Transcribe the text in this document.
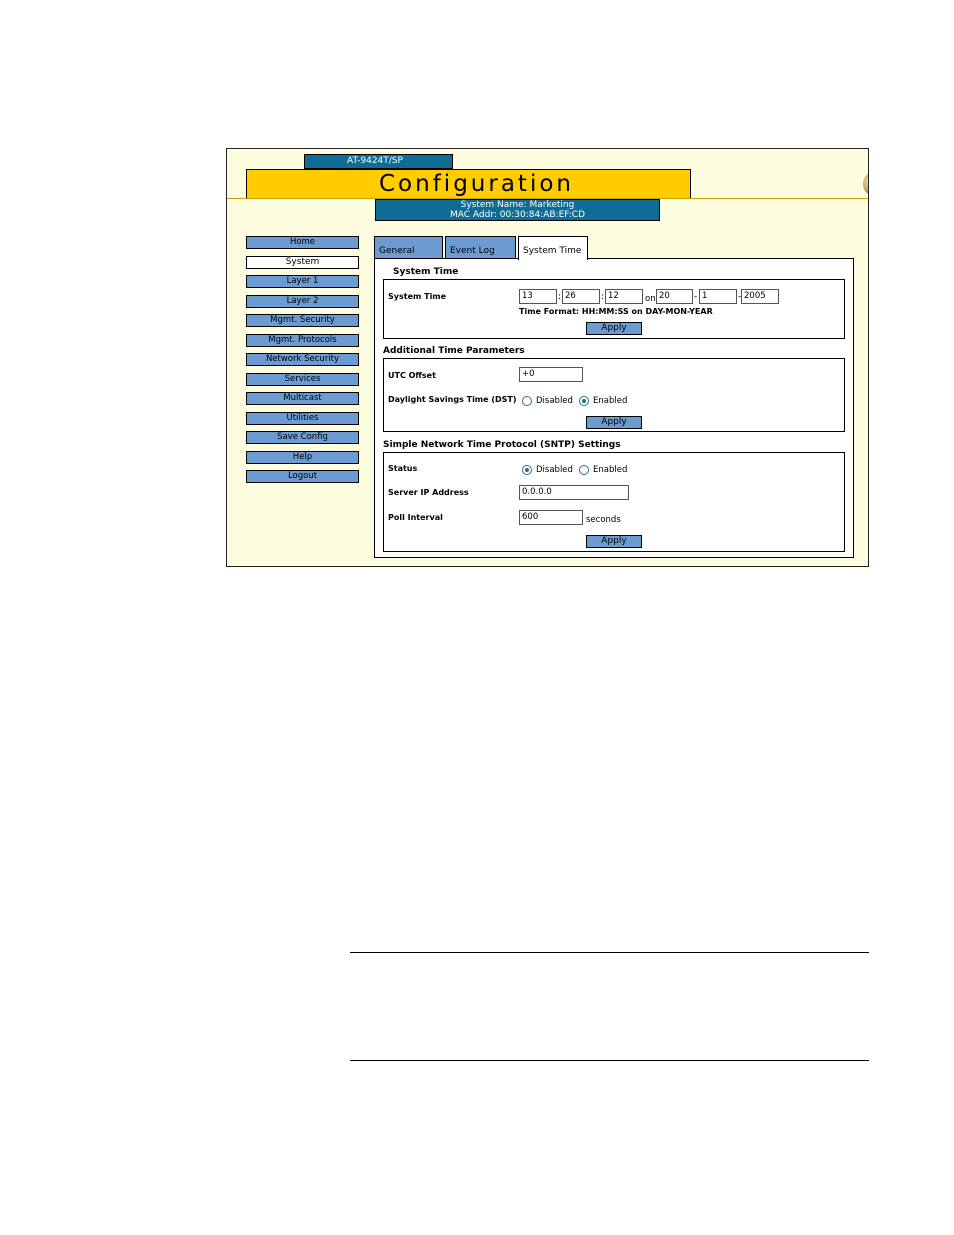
AT-9424T/SP
Configuration
System Name: Marketing
MAC Addr: 00:30:84:AB:EF:CD
Home
System
Layer 1
Layer 2
Mgmt. Security
Mgmt. Protocols
Network Security
Services
Multicast
Utilities
Save Config
Help
Logout
General	Event Log	System Time
System Time
System Time	13	: 26	: 12	on 20	- 1	- 2005
Time Format: HH:MM:SS on DAY-MON-YEAR
Apply
Additional Time Parameters
UTC Offset	+0
Daylight Savings Time (DST) Disabled Enabled
Apply
Simple Network Time Protocol (SNTP) Settings
Status	Disabled Enabled
Server IP Address	0.0.0.0
Poll Interval	600	seconds
Apply
